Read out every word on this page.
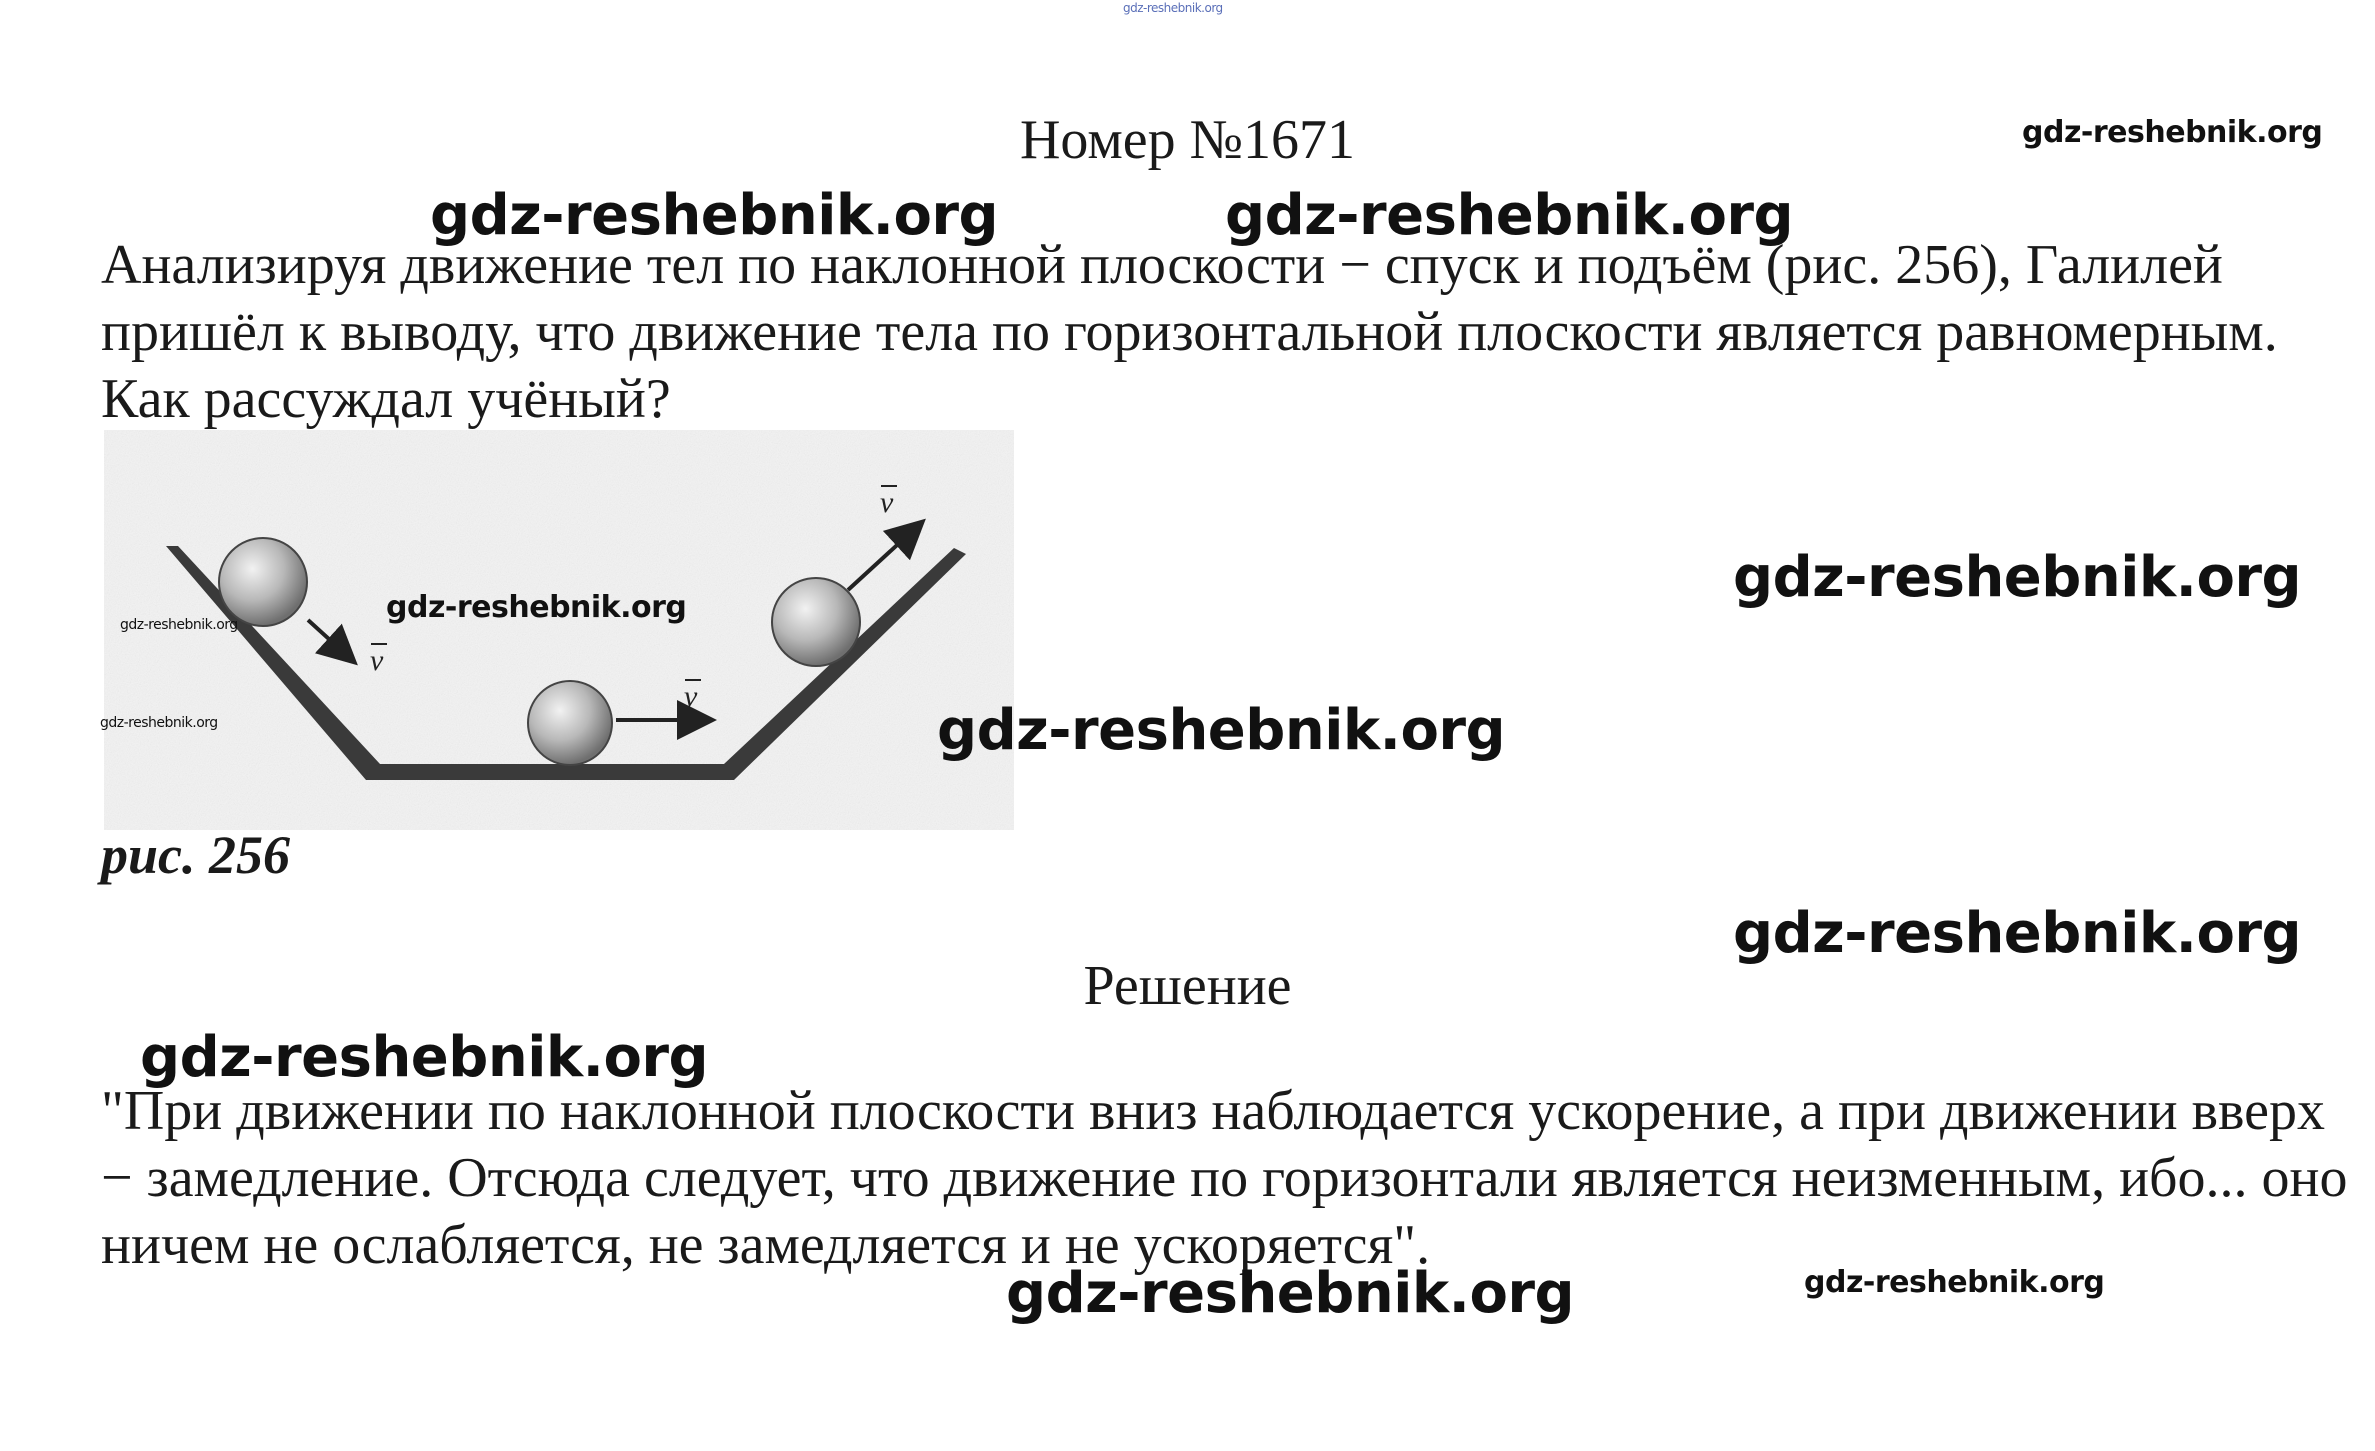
gdz-reshebnik.org
Номер №1671

Анализируя движение тел по наклонной плоскости − спуск и подъём (рис. 256), Галилей пришёл к выводу, что движение тела по горизонтальной плоскости является равномерным. Как рассуждал учёный?

v
v
v
рис. 256
Решение

"При движении по наклонной плоскости вниз наблюдается ускорение, а при движении вверх − замедление. Отсюда следует, что движение по горизонтали является неизменным, ибо... оно ничем не ослабляется, не замедляется и не ускоряется".

gdz-reshebnik.org
gdz-reshebnik.org	gdz-reshebnik.org
gdz-reshebnik.org
gdz-reshebnik.org
gdz-reshebnik.org
gdz-reshebnik.org	gdz-reshebnik.org
gdz-reshebnik.org
gdz-reshebnik.org
gdz-reshebnik.org	gdz-reshebnik.org
